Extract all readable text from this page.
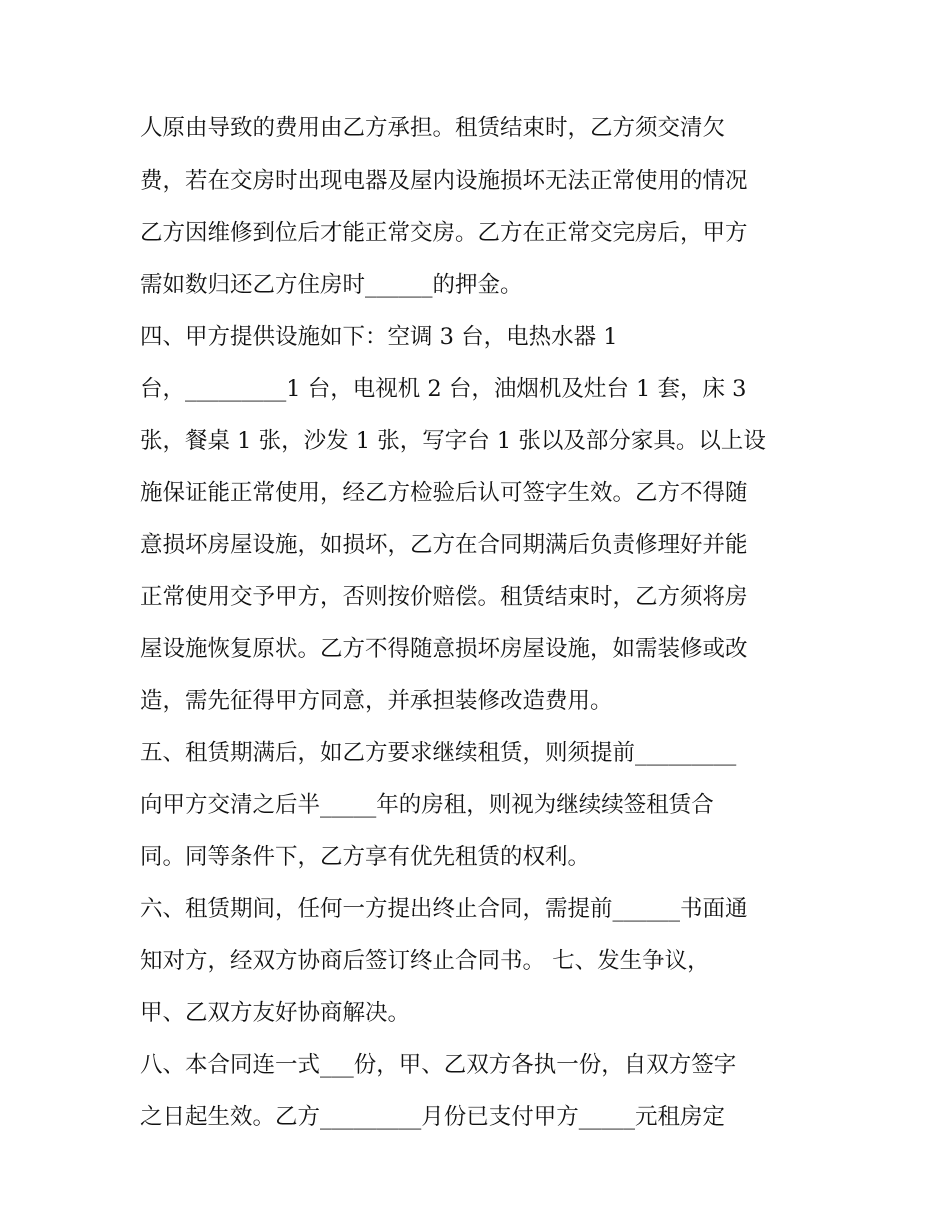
人原由导致的费用由乙方承担。租赁结束时，乙方须交清欠
费，若在交房时出现电器及屋内设施损坏无法正常使用的情况
乙方因维修到位后才能正常交房。乙方在正常交完房后，甲方
需如数归还乙方住房时______的押金。
四、甲方提供设施如下：空调 3 台，电热水器 1
台，_________1 台，电视机 2 台，油烟机及灶台 1 套，床 3
张，餐桌 1 张，沙发 1 张，写字台 1 张以及部分家具。以上设
施保证能正常使用，经乙方检验后认可签字生效。乙方不得随
意损坏房屋设施，如损坏，乙方在合同期满后负责修理好并能
正常使用交予甲方，否则按价赔偿。租赁结束时，乙方须将房
屋设施恢复原状。乙方不得随意损坏房屋设施，如需装修或改
造，需先征得甲方同意，并承担装修改造费用。
五、租赁期满后，如乙方要求继续租赁，则须提前_________
向甲方交清之后半_____年的房租，则视为继续续签租赁合
同。同等条件下，乙方享有优先租赁的权利。
六、租赁期间，任何一方提出终止合同，需提前______书面通
知对方，经双方协商后签订终止合同书。 七、发生争议，
甲、乙双方友好协商解决。
八、本合同连一式___份，甲、乙双方各执一份，自双方签字
之日起生效。乙方_________月份已支付甲方_____元租房定
